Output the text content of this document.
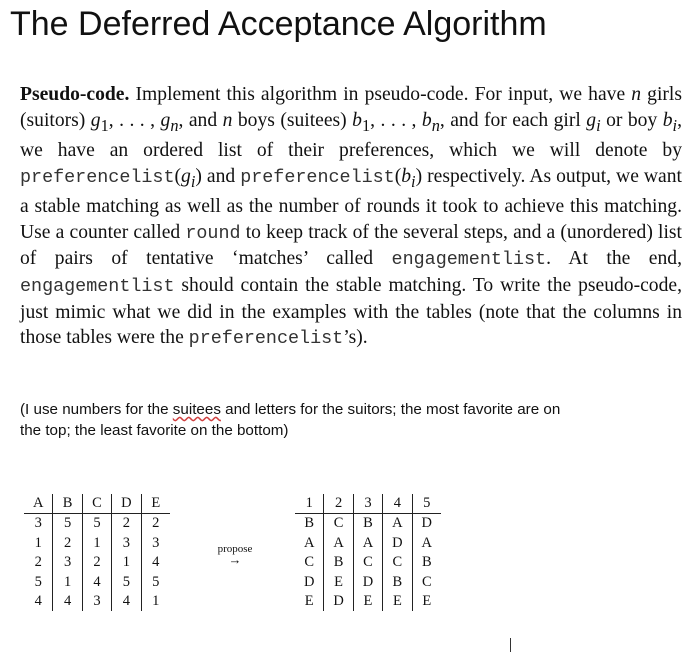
The Deferred Acceptance Algorithm
Pseudo-code. Implement this algorithm in pseudo-code. For input, we have n girls (suitors) $g_1$, . . . , $g_n$, and n boys (suitees) $b_1$, . . . , $b_n$, and for each girl $g_i$ or boy $b_i$, we have an ordered list of their preferences, which we will denote by $preferencelist(g_i)$ and $preferencelist(b_i)$ respectively. As output, we want a stable matching as well as the number of rounds it took to achieve this matching. Use a counter called round to keep track of the several steps, and a (unordered) list of pairs of tentative ‘matches’ called engagementlist. At the end, engagementlist should contain the stable matching. To write the pseudo-code, just mimic what we did in the examples with the tables (note that the columns in those tables were the preferencelist’s).
(I use numbers for the suitees and letters for the suitors; the most favorite are on the top; the least favorite on the bottom)
A	B	C	D	E
3	5	5	2	2
1	2	1	3	3
2	3	2	1	4
5	1	4	5	5
4	4	3	4	1
propose
→
1	2	3	4	5
B	C	B	A	D
A	A	A	D	A
C	B	C	C	B
D	E	D	B	C
E	D	E	E	E
